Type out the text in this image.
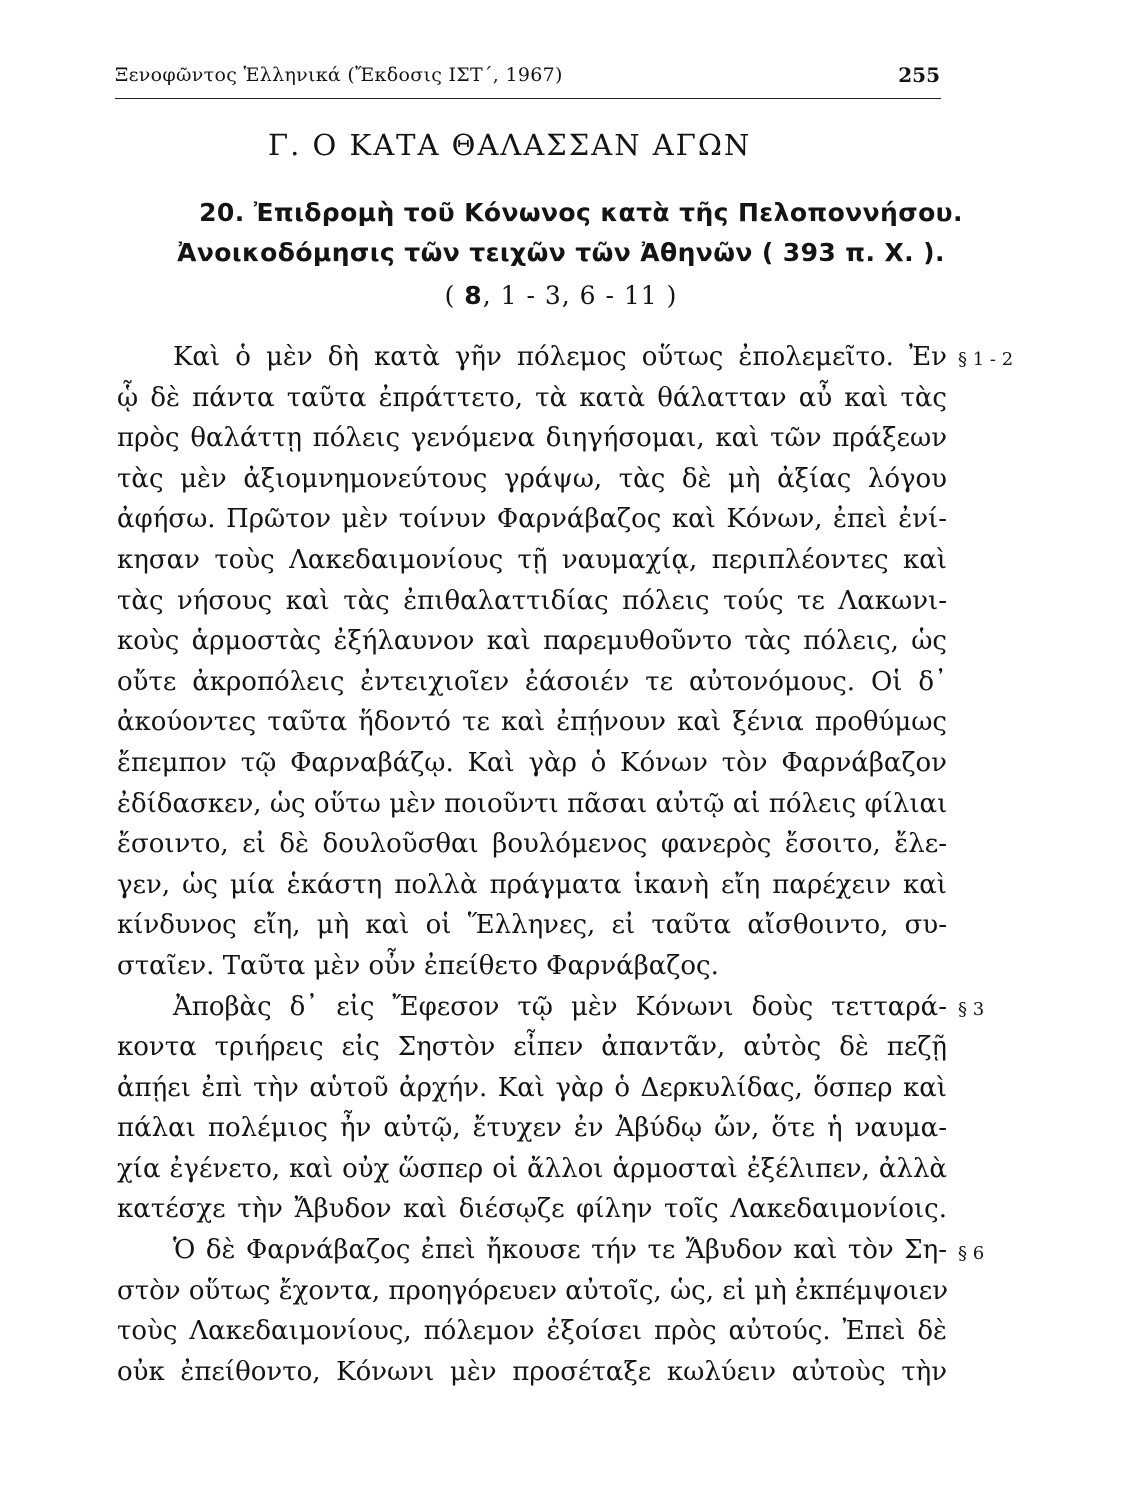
Ξενοφῶντος Ἑλληνικά (Ἔκδοσις ΙΣΤ΄, 1967)	255
Γ. Ο ΚΑΤΑ ΘΑΛΑΣΣΑΝ ΑΓΩΝ
20. Ἐπιδρομὴ τοῦ Κόνωνος κατὰ τῆς Πελοποννήσου.
Ἀνοικοδόμησις τῶν τειχῶν τῶν Ἀθηνῶν ( 393 π. Χ. ).
( 8, 1 - 3, 6 - 11 )
Καὶ ὁ μὲν δὴ κατὰ γῆν πόλεμος οὕτως ἐπολεμεῖτο. Ἐν
ᾧ δὲ πάντα ταῦτα ἐπράττετο, τὰ κατὰ θάλατταν αὖ καὶ τὰς
πρὸς θαλάττῃ πόλεις γενόμενα διηγήσομαι, καὶ τῶν πράξεων
τὰς μὲν ἀξιομνημονεύτους γράψω, τὰς δὲ μὴ ἀξίας λόγου
ἀφήσω. Πρῶτον μὲν τοίνυν Φαρνάβαζος καὶ Κόνων, ἐπεὶ ἐνί-
κησαν τοὺς Λακεδαιμονίους τῇ ναυμαχίᾳ, περιπλέοντες καὶ
τὰς νήσους καὶ τὰς ἐπιθαλαττιδίας πόλεις τούς τε Λακωνι-
κοὺς ἁρμοστὰς ἐξήλαυνον καὶ παρεμυθοῦντο τὰς πόλεις, ὡς
οὔτε ἀκροπόλεις ἐντειχιοῖεν ἐάσοιέν τε αὐτονόμους. Οἱ δ᾿
ἀκούοντες ταῦτα ἥδοντό τε καὶ ἐπῄνουν καὶ ξένια προθύμως
ἔπεμπον τῷ Φαρναβάζῳ. Καὶ γὰρ ὁ Κόνων τὸν Φαρνάβαζον
ἐδίδασκεν, ὡς οὕτω μὲν ποιοῦντι πᾶσαι αὐτῷ αἱ πόλεις φίλιαι
ἔσοιντο, εἰ δὲ δουλοῦσθαι βουλόμενος φανερὸς ἔσοιτο, ἔλε-
γεν, ὡς μία ἑκάστη πολλὰ πράγματα ἱκανὴ εἴη παρέχειν καὶ
κίνδυνος εἴη, μὴ καὶ οἱ Ἕλληνες, εἰ ταῦτα αἴσθοιντο, συ-
σταῖεν. Ταῦτα μὲν οὖν ἐπείθετο Φαρνάβαζος.
Ἀποβὰς δ᾿ εἰς Ἔφεσον τῷ μὲν Κόνωνι δοὺς τετταρά-
κοντα τριήρεις εἰς Σηστὸν εἶπεν ἀπαντᾶν, αὐτὸς δὲ πεζῇ
ἀπῄει ἐπὶ τὴν αὑτοῦ ἀρχήν. Καὶ γὰρ ὁ Δερκυλίδας, ὅσπερ καὶ
πάλαι πολέμιος ἦν αὐτῷ, ἔτυχεν ἐν Ἀβύδῳ ὤν, ὅτε ἡ ναυμα-
χία ἐγένετο, καὶ οὐχ ὥσπερ οἱ ἄλλοι ἁρμοσταὶ ἐξέλιπεν, ἀλλὰ
κατέσχε τὴν Ἄβυδον καὶ διέσῳζε φίλην τοῖς Λακεδαιμονίοις.
Ὁ δὲ Φαρνάβαζος ἐπεὶ ἤκουσε τήν τε Ἄβυδον καὶ τὸν Ση-
στὸν οὕτως ἔχοντα, προηγόρευεν αὐτοῖς, ὡς, εἰ μὴ ἐκπέμψοιεν
τοὺς Λακεδαιμονίους, πόλεμον ἐξοίσει πρὸς αὐτούς. Ἐπεὶ δὲ
οὐκ ἐπείθοντο, Κόνωνι μὲν προσέταξε κωλύειν αὐτοὺς τὴν
§ 1 - 2
§ 3
§ 6
